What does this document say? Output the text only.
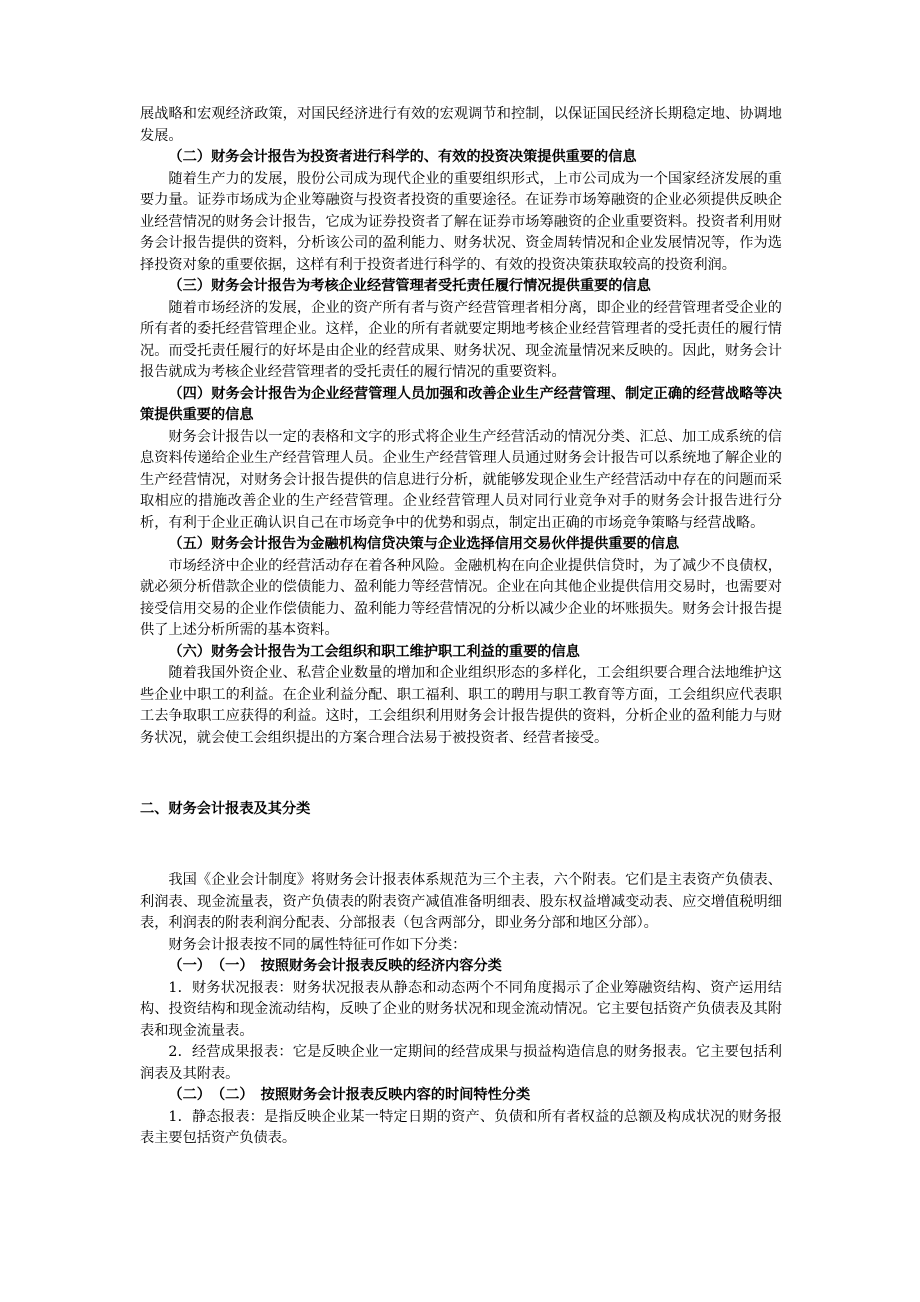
展战略和宏观经济政策，对国民经济进行有效的宏观调节和控制，以保证国民经济长期稳定地、协调地发展。

（二）财务会计报告为投资者进行科学的、有效的投资决策提供重要的信息

随着生产力的发展，股份公司成为现代企业的重要组织形式，上市公司成为一个国家经济发展的重要力量。证券市场成为企业筹融资与投资者投资的重要途径。在证券市场筹融资的企业必须提供反映企业经营情况的财务会计报告，它成为证券投资者了解在证券市场筹融资的企业重要资料。投资者利用财务会计报告提供的资料，分析该公司的盈利能力、财务状况、资金周转情况和企业发展情况等，作为选择投资对象的重要依据，这样有利于投资者进行科学的、有效的投资决策获取较高的投资利润。

（三）财务会计报告为考核企业经营管理者受托责任履行情况提供重要的信息

随着市场经济的发展，企业的资产所有者与资产经营管理者相分离，即企业的经营管理者受企业的所有者的委托经营管理企业。这样，企业的所有者就要定期地考核企业经营管理者的受托责任的履行情况。而受托责任履行的好坏是由企业的经营成果、财务状况、现金流量情况来反映的。因此，财务会计报告就成为考核企业经营管理者的受托责任的履行情况的重要资料。

（四）财务会计报告为企业经营管理人员加强和改善企业生产经营管理、制定正确的经营战略等决策提供重要的信息

财务会计报告以一定的表格和文字的形式将企业生产经营活动的情况分类、汇总、加工成系统的信息资料传递给企业生产经营管理人员。企业生产经营管理人员通过财务会计报告可以系统地了解企业的生产经营情况，对财务会计报告提供的信息进行分析，就能够发现企业生产经营活动中存在的问题而采取相应的措施改善企业的生产经营管理。企业经营管理人员对同行业竞争对手的财务会计报告进行分析，有利于企业正确认识自己在市场竞争中的优势和弱点，制定出正确的市场竞争策略与经营战略。

（五）财务会计报告为金融机构信贷决策与企业选择信用交易伙伴提供重要的信息

市场经济中企业的经营活动存在着各种风险。金融机构在向企业提供信贷时，为了减少不良债权，就必须分析借款企业的偿债能力、盈利能力等经营情况。企业在向其他企业提供信用交易时，也需要对接受信用交易的企业作偿债能力、盈利能力等经营情况的分析以减少企业的坏账损失。财务会计报告提供了上述分析所需的基本资料。

（六）财务会计报告为工会组织和职工维护职工利益的重要的信息

随着我国外资企业、私营企业数量的增加和企业组织形态的多样化，工会组织要合理合法地维护这些企业中职工的利益。在企业利益分配、职工福利、职工的聘用与职工教育等方面，工会组织应代表职工去争取职工应获得的利益。这时，工会组织利用财务会计报告提供的资料，分析企业的盈利能力与财务状况，就会使工会组织提出的方案合理合法易于被投资者、经营者接受。

二、财务会计报表及其分类

我国《企业会计制度》将财务会计报表体系规范为三个主表，六个附表。它们是主表资产负债表、利润表、现金流量表，资产负债表的附表资产减值准备明细表、股东权益增减变动表、应交增值税明细表，利润表的附表利润分配表、分部报表（包含两部分，即业务分部和地区分部）。

财务会计报表按不同的属性特征可作如下分类：

（一）　（一）　按照财务会计报表反映的经济内容分类

1．财务状况报表：财务状况报表从静态和动态两个不同角度揭示了企业筹融资结构、资产运用结构、投资结构和现金流动结构，反映了企业的财务状况和现金流动情况。它主要包括资产负债表及其附表和现金流量表。

2．经营成果报表：它是反映企业一定期间的经营成果与损益构造信息的财务报表。它主要包括利润表及其附表。

（二）　（二）　按照财务会计报表反映内容的时间特性分类

1．静态报表：是指反映企业某一特定日期的资产、负债和所有者权益的总额及构成状况的财务报表主要包括资产负债表。
